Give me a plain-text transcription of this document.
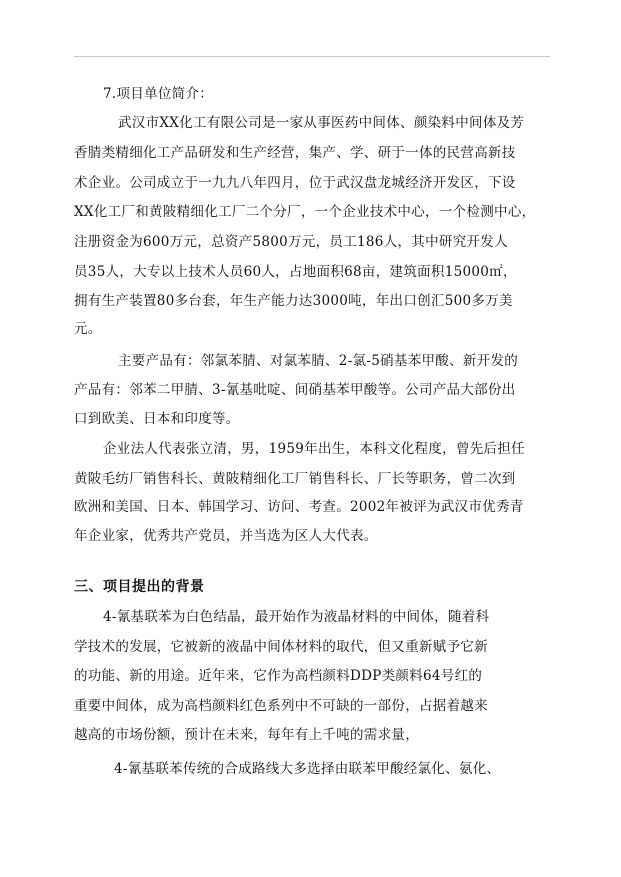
7.项目单位简介：
武汉市XX化工有限公司是一家从事医药中间体、颜染料中间体及芳
香腈类精细化工产品研发和生产经营，集产、学、研于一体的民营高新技
术企业。公司成立于一九九八年四月，位于武汉盘龙城经济开发区，下设
XX化工厂和黄陂精细化工厂二个分厂，一个企业技术中心，一个检测中心，
注册资金为600万元，总资产5800万元，员工186人，其中研究开发人
员35人，大专以上技术人员60人，占地面积68亩，建筑面积15000㎡，
拥有生产装置80多台套，年生产能力达3000吨，年出口创汇500多万美
元。
主要产品有：邻氯苯腈、对氯苯腈、2-氯-5硝基苯甲酸、新开发的
产品有：邻苯二甲腈、3-氰基吡啶、间硝基苯甲酸等。公司产品大部份出
口到欧美、日本和印度等。
企业法人代表张立清，男，1959年出生，本科文化程度，曾先后担任
黄陂毛纺厂销售科长、黄陂精细化工厂销售科长、厂长等职务，曾二次到
欧洲和美国、日本、韩国学习、访问、考查。2002年被评为武汉市优秀青
年企业家，优秀共产党员，并当选为区人大代表。
三、项目提出的背景
4-氰基联苯为白色结晶，最开始作为液晶材料的中间体，随着科
学技术的发展，它被新的液晶中间体材料的取代，但又重新赋予它新
的功能、新的用途。近年来，它作为高档颜料DDP类颜料64号红的
重要中间体，成为高档颜料红色系列中不可缺的一部份，占据着越来
越高的市场份额，预计在未来，每年有上千吨的需求量，
4-氰基联苯传统的合成路线大多选择由联苯甲酸经氯化、氨化、
